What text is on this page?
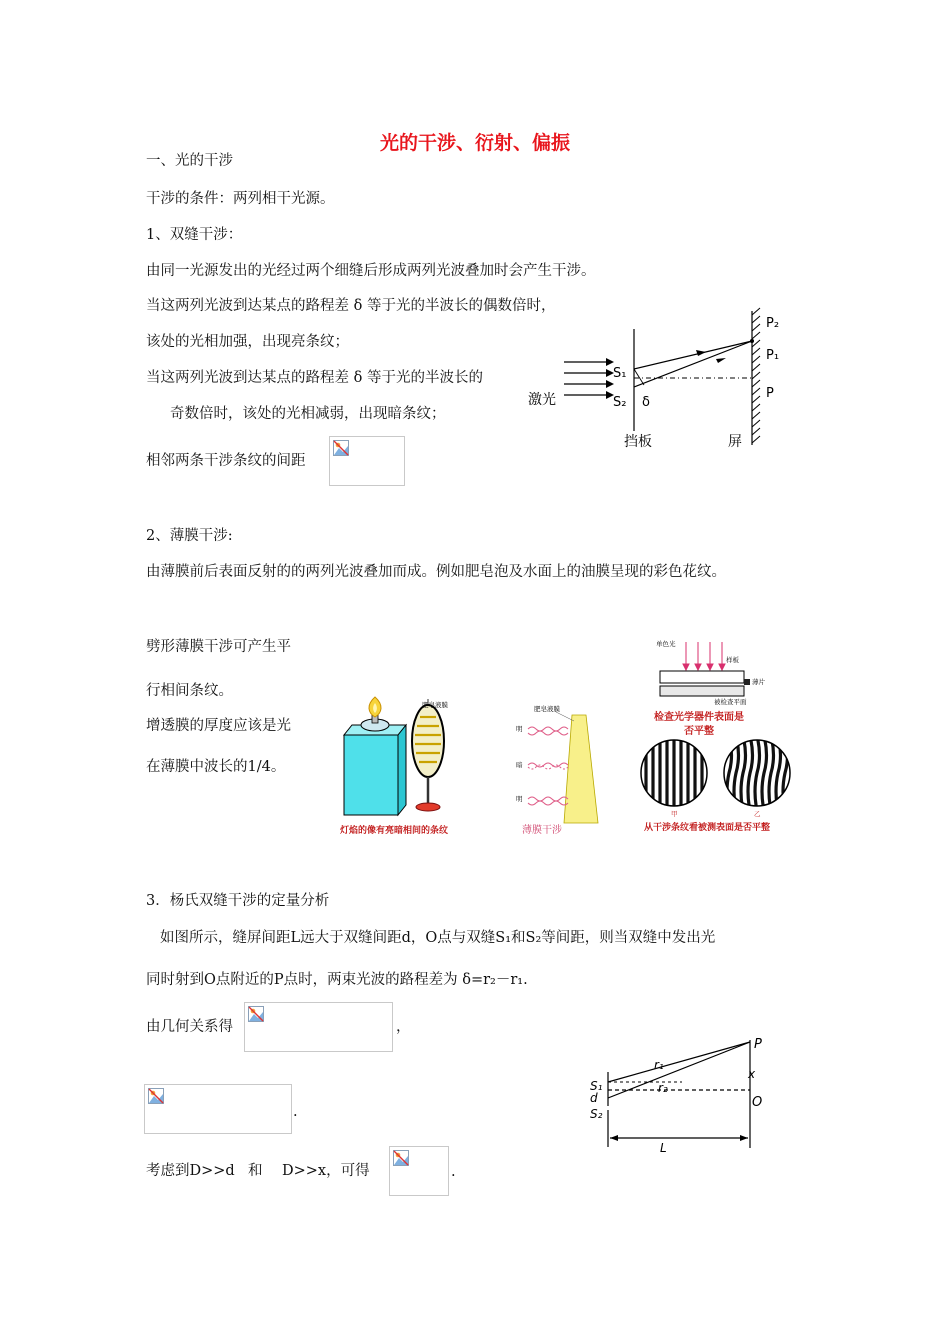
光的干涉、衍射、偏振
一、光的干涉
干涉的条件：两列相干光源。
1、双缝干涉：
由同一光源发出的光经过两个细缝后形成两列光波叠加时会产生干涉。
当这两列光波到达某点的路程差 δ 等于光的半波长的偶数倍时，
该处的光相加强，出现亮条纹；
当这两列光波到达某点的路程差 δ 等于光的半波长的
奇数倍时，该处的光相减弱，出现暗条纹；
相邻两条干涉条纹的间距
P₂
P₁
P
S₁
S₂ δ
激光
挡板	屏
2、薄膜干涉:
由薄膜前后表面反射的的两列光波叠加而成。例如肥皂泡及水面上的油膜呈现的彩色花纹。
劈形薄膜干涉可产生平
行相间条纹。
增透膜的厚度应该是光
在薄膜中波长的1/4。
肥皂液膜
灯焰的像有亮暗相间的条纹
肥皂液膜
明
暗
明
薄膜干涉
单色光
样板
薄片
被检查平面
检查光学器件表面是
否平整
甲	乙
从干涉条纹看被测表面是否平整
3．杨氏双缝干涉的定量分析
如图所示，缝屏间距L远大于双缝间距d，O点与双缝S₁和S₂等间距，则当双缝中发出光
同时射到O点附近的P点时，两束光波的路程差为 δ=r₂－r₁.
由几何关系得	，
.
考虑到D>>d 和 D>>x，可得	.
P
r₁
r₂
x
S₁
d
S₂
O
L
